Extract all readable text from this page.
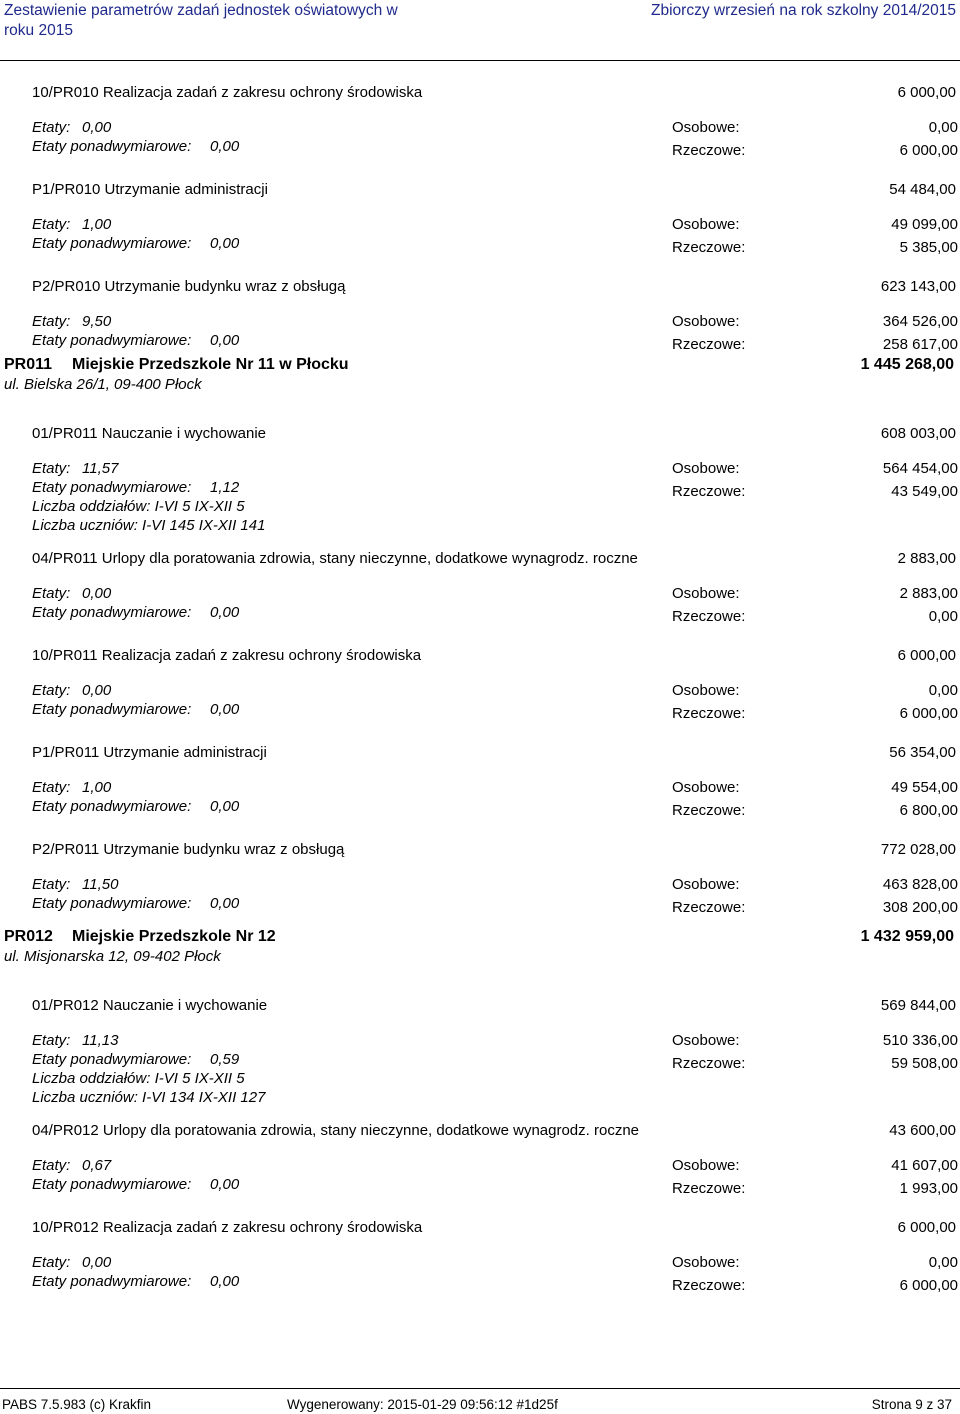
Zestawienie parametrów zadań jednostek oświatowych w
roku 2015
Zbiorczy wrzesień na rok szkolny 2014/2015
10/PR010 Realizacja zadań z zakresu ochrony środowiska	6 000,00
Etaty: 0,00
Etaty ponadwymiarowe: 0,00
Osobowe:	0,00
Rzeczowe:	6 000,00
P1/PR010 Utrzymanie administracji	54 484,00
Etaty: 1,00
Etaty ponadwymiarowe: 0,00
Osobowe:	49 099,00
Rzeczowe:	5 385,00
P2/PR010 Utrzymanie budynku wraz z obsługą	623 143,00
Etaty: 9,50
Etaty ponadwymiarowe: 0,00
Osobowe:	364 526,00
Rzeczowe:	258 617,00
PR011 Miejskie Przedszkole Nr 11 w Płocku	1 445 268,00
ul. Bielska 26/1, 09-400 Płock
01/PR011 Nauczanie i wychowanie	608 003,00
Etaty: 11,57
Etaty ponadwymiarowe: 1,12
Osobowe:	564 454,00
Rzeczowe:	43 549,00
Liczba oddziałów: I-VI 5 IX-XII 5
Liczba uczniów: I-VI 145 IX-XII 141
04/PR011 Urlopy dla poratowania zdrowia, stany nieczynne, dodatkowe wynagrodz. roczne	2 883,00
Etaty: 0,00
Etaty ponadwymiarowe: 0,00
Osobowe:	2 883,00
Rzeczowe:	0,00
10/PR011 Realizacja zadań z zakresu ochrony środowiska	6 000,00
Etaty: 0,00
Etaty ponadwymiarowe: 0,00
Osobowe:	0,00
Rzeczowe:	6 000,00
P1/PR011 Utrzymanie administracji	56 354,00
Etaty: 1,00
Etaty ponadwymiarowe: 0,00
Osobowe:	49 554,00
Rzeczowe:	6 800,00
P2/PR011 Utrzymanie budynku wraz z obsługą	772 028,00
Etaty: 11,50
Etaty ponadwymiarowe: 0,00
Osobowe:	463 828,00
Rzeczowe:	308 200,00
PR012 Miejskie Przedszkole Nr 12	1 432 959,00
ul. Misjonarska 12, 09-402 Płock
01/PR012 Nauczanie i wychowanie	569 844,00
Etaty: 11,13
Etaty ponadwymiarowe: 0,59
Osobowe:	510 336,00
Rzeczowe:	59 508,00
Liczba oddziałów: I-VI 5 IX-XII 5
Liczba uczniów: I-VI 134 IX-XII 127
04/PR012 Urlopy dla poratowania zdrowia, stany nieczynne, dodatkowe wynagrodz. roczne	43 600,00
Etaty: 0,67
Etaty ponadwymiarowe: 0,00
Osobowe:	41 607,00
Rzeczowe:	1 993,00
10/PR012 Realizacja zadań z zakresu ochrony środowiska	6 000,00
Etaty: 0,00
Etaty ponadwymiarowe: 0,00
Osobowe:	0,00
Rzeczowe:	6 000,00
PABS 7.5.983 (c) Krakfin	Wygenerowany: 2015-01-29 09:56:12 #1d25f	Strona 9 z 37
